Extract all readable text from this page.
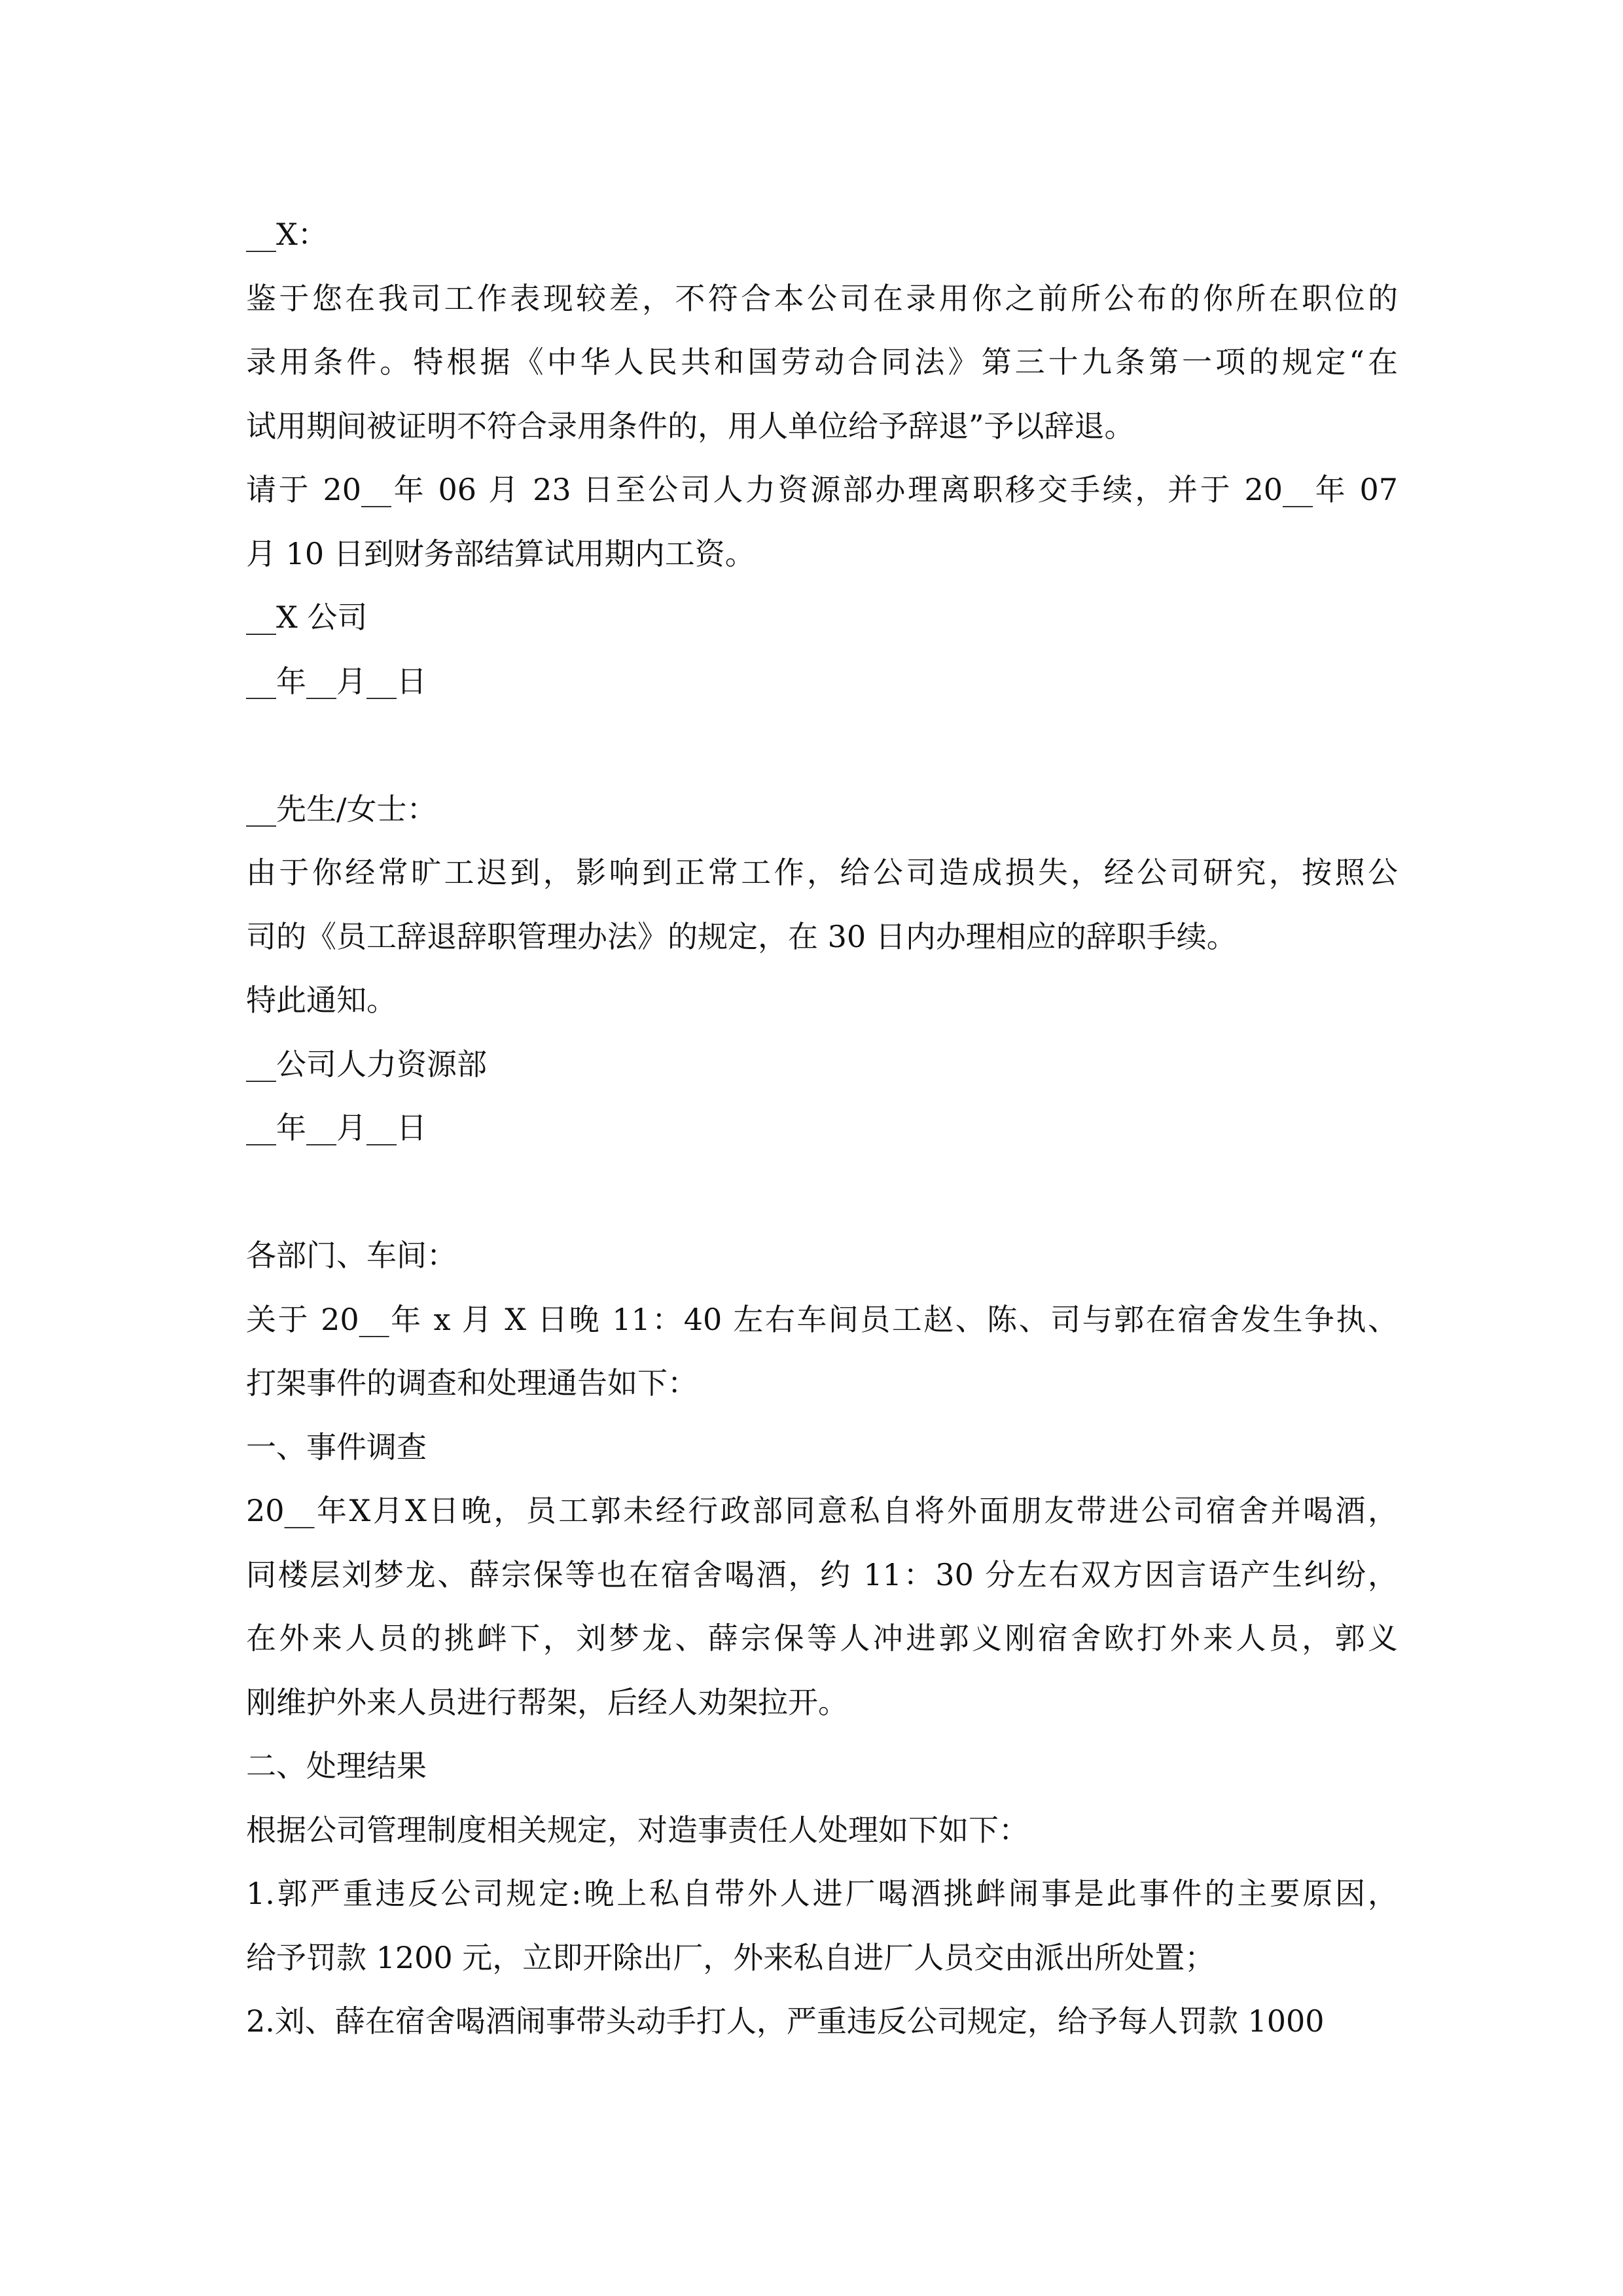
__X：
鉴于您在我司工作表现较差，不符合本公司在录用你之前所公布的你所在职位的
录用条件。特根据《中华人民共和国劳动合同法》第三十九条第一项的规定“在
试用期间被证明不符合录用条件的，用人单位给予辞退”予以辞退。
请于 20__年 06 月 23 日至公司人力资源部办理离职移交手续，并于 20__年 07
月 10 日到财务部结算试用期内工资。
__X 公司
__年__月__日
__先生/女士：
由于你经常旷工迟到，影响到正常工作，给公司造成损失，经公司研究，按照公
司的《员工辞退辞职管理办法》的规定，在 30 日内办理相应的辞职手续。
特此通知。
__公司人力资源部
__年__月__日
各部门、车间：
关于 20__年 x 月 X 日晚 11：40 左右车间员工赵、陈、司与郭在宿舍发生争执、
打架事件的调查和处理通告如下：
一、事件调查
20__年X月X日晚，员工郭未经行政部同意私自将外面朋友带进公司宿舍并喝酒，
同楼层刘梦龙、薛宗保等也在宿舍喝酒，约 11：30 分左右双方因言语产生纠纷，
在外来人员的挑衅下，刘梦龙、薛宗保等人冲进郭义刚宿舍欧打外来人员，郭义
刚维护外来人员进行帮架，后经人劝架拉开。
二、处理结果
根据公司管理制度相关规定，对造事责任人处理如下如下：
1.郭严重违反公司规定:晚上私自带外人进厂喝酒挑衅闹事是此事件的主要原因，
给予罚款 1200 元，立即开除出厂，外来私自进厂人员交由派出所处置；
2.刘、薛在宿舍喝酒闹事带头动手打人，严重违反公司规定，给予每人罚款 1000
